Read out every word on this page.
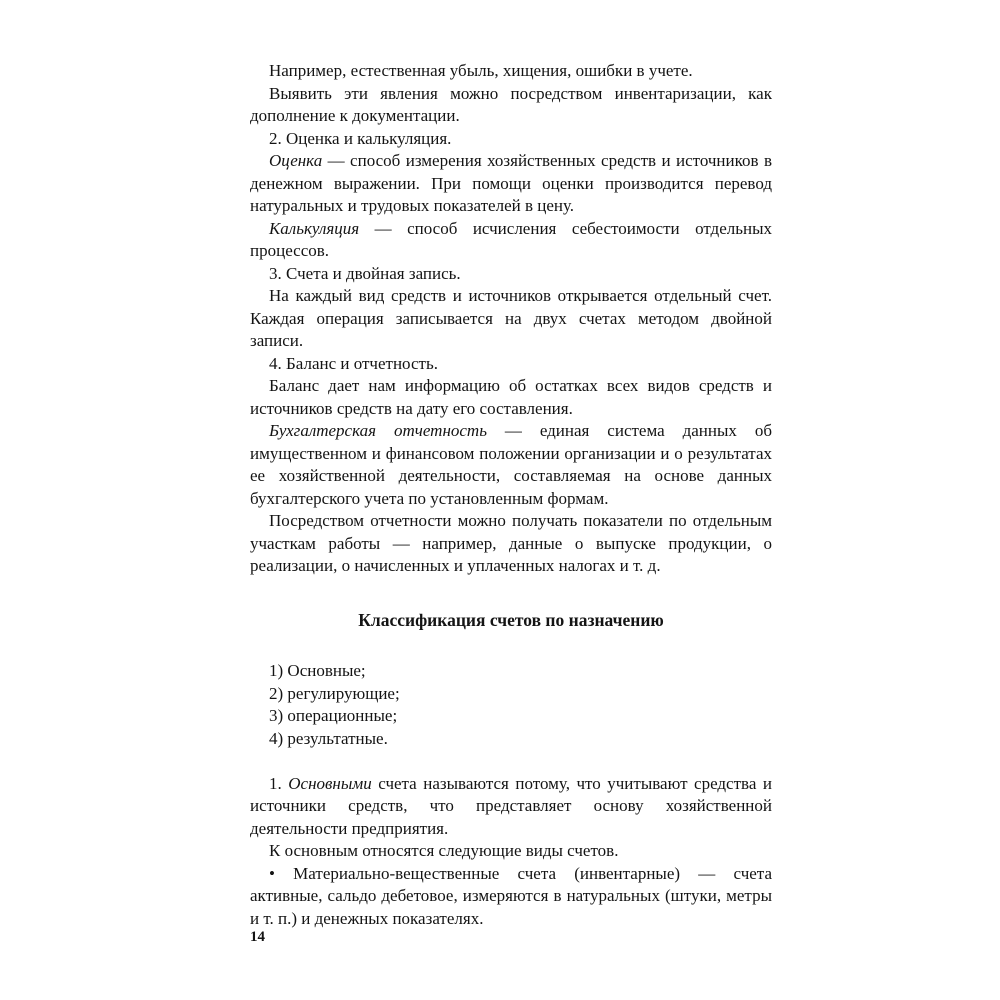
Например, естественная убыль, хищения, ошибки в учете.

Выявить эти явления можно посредством инвентаризации, как дополнение к документации.

2. Оценка и калькуляция.

Оценка — способ измерения хозяйственных средств и источников в денежном выражении. При помощи оценки производится перевод натуральных и трудовых показателей в цену.

Калькуляция — способ исчисления себестоимости отдельных процессов.

3. Счета и двойная запись.

На каждый вид средств и источников открывается отдельный счет. Каждая операция записывается на двух счетах методом двойной записи.

4. Баланс и отчетность.

Баланс дает нам информацию об остатках всех видов средств и источников средств на дату его составления.

Бухгалтерская отчетность — единая система данных об имущественном и финансовом положении организации и о результатах ее хозяйственной деятельности, составляемая на основе данных бухгалтерского учета по установленным формам.

Посредством отчетности можно получать показатели по отдельным участкам работы — например, данные о выпуске продукции, о реализации, о начисленных и уплаченных налогах и т. д.

Классификация счетов по назначению

1) Основные;

2) регулирующие;

3) операционные;

4) результатные.

1. Основными счета называются потому, что учитывают средства и источники средств, что представляет основу хозяйственной деятельности предприятия.

К основным относятся следующие виды счетов.

• Материально-вещественные счета (инвентарные) — счета активные, сальдо дебетовое, измеряются в натуральных (штуки, метры и т. п.) и денежных показателях.

14
